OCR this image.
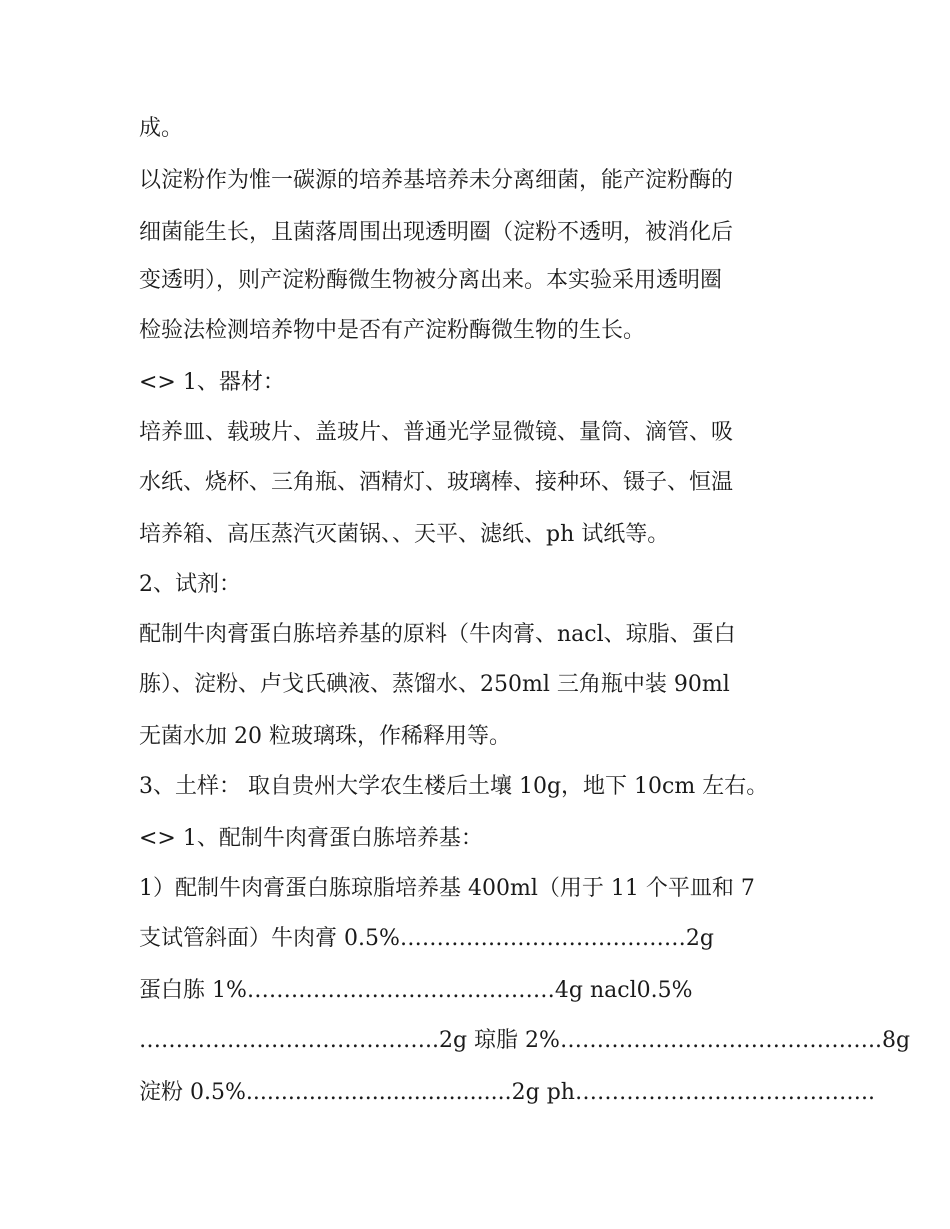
成。
以淀粉作为惟一碳源的培养基培养未分离细菌，能产淀粉酶的
细菌能生长，且菌落周围出现透明圈（淀粉不透明，被消化后
变透明），则产淀粉酶微生物被分离出来。本实验采用透明圈
检验法检测培养物中是否有产淀粉酶微生物的生长。
<> 1、器材：
培养皿、载玻片、盖玻片、普通光学显微镜、量筒、滴管、吸
水纸、烧杯、三角瓶、酒精灯、玻璃棒、接种环、镊子、恒温
培养箱、高压蒸汽灭菌锅、、天平、滤纸、ph 试纸等。
2、试剂：
配制牛肉膏蛋白胨培养基的原料（牛肉膏、nacl、琼脂、蛋白
胨）、淀粉、卢戈氏碘液、蒸馏水、250ml 三角瓶中装 90ml
无菌水加 20 粒玻璃珠，作稀释用等。
3、土样： 取自贵州大学农生楼后土壤 10g，地下 10cm 左右。
<> 1、配制牛肉膏蛋白胨培养基：
1）配制牛肉膏蛋白胨琼脂培养基 400ml（用于 11 个平皿和 7
支试管斜面）牛肉膏 0.5%…………………………………2g
蛋白胨 1%……………………………………4g nacl0.5%
…………………………………..2g 琼脂 2%……………………………………..8g
淀粉 0.5%......................................2g ph…………………………………..
